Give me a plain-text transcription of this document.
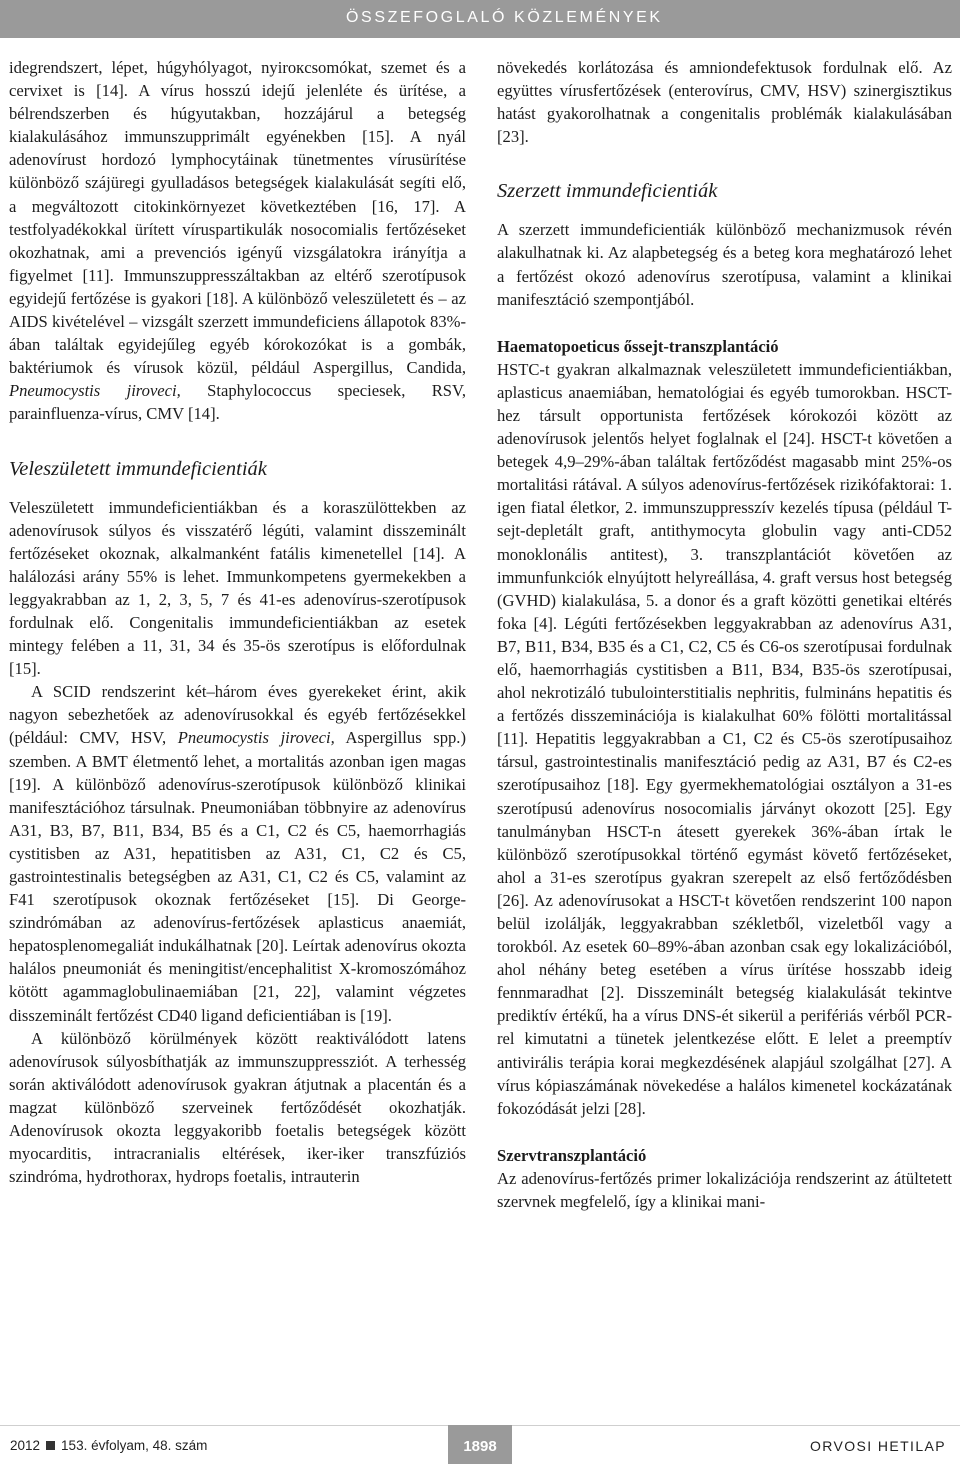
ÖSSZEFOGLALÓ KÖZLEMÉNYEK

idegrendszert, lépet, húgyhólyagot, nyiroкcsomókat, szemet és a cervixet is [14]. A vírus hosszú idejű jelenléte és ürítése, a bélrendszerben és húgyutakban, hozzájárul a betegség kialakulásához immunszupprimált egyénekben [15]. A nyál adenovírust hordozó lymphocytáinak tünetmentes vírusürítése különböző szájüregi gyulladásos betegségek kialakulását segíti elő, a megváltozott citokinkörnyezet következtében [16, 17]. A testfolyadékokkal ürített víruspartikulák nosocomialis fertőzéseket okozhatnak, ami a prevenciós igényű vizsgálatokra irányítja a figyelmet [11]. Immunszuppresszáltakban az eltérő szerotípusok egyidejű fertőzése is gyakori [18]. A különböző veleszületett és – az AIDS kivételével – vizsgált szerzett immundeficiens állapotok 83%-ában találtak egyidejűleg egyéb kórokozókat is a gombák, baktériumok és vírusok közül, például Aspergillus, Candida, Pneumocystis jiroveci, Staphylococcus speciesek, RSV, parainfluenza-vírus, CMV [14].

Veleszületett immundeficientiák

Veleszületett immundeficientiákban és a koraszülöttekben az adenovírusok súlyos és visszatérő légúti, valamint disszeminált fertőzéseket okoznak, alkalmanként fatális kimenetellel [14]. A halálozási arány 55% is lehet. Immunkompetens gyermekekben a leggyakrabban az 1, 2, 3, 5, 7 és 41-es adenovírus-szerotípusok fordulnak elő. Congenitalis immundeficientiákban az esetek mintegy felében a 11, 31, 34 és 35-ös szerotípus is előfordulnak [15].

A SCID rendszerint két–három éves gyerekeket érint, akik nagyon sebezhetőek az adenovírusokkal és egyéb fertőzésekkel (például: CMV, HSV, Pneumocystis jiroveci, Aspergillus spp.) szemben. A BMT életmentő lehet, a mortalitás azonban igen magas [19]. A különböző adenovírus-szerotípusok különböző klinikai manifesztációhoz társulnak. Pneumoniában többnyire az adenovírus A31, B3, B7, B11, B34, B5 és a C1, C2 és C5, haemorrhagiás cystitisben az A31, hepatitisben az A31, C1, C2 és C5, gastrointestinalis betegségben az A31, C1, C2 és C5, valamint az F41 szerotípusok okoznak fertőzéseket [15]. Di George-szindrómában az adenovírus-fertőzések aplasticus anaemiát, hepatosplenomegaliát indukálhatnak [20]. Leírtak adenovírus okozta halálos pneumoniát és meningitist/encephalitist X-kromoszómához kötött agammaglobulinaemiában [21, 22], valamint végzetes disszeminált fertőzést CD40 ligand deficientiában is [19].

A különböző körülmények között reaktiválódott latens adenovírusok súlyosbíthatják az immunszuppressziót. A terhesség során aktiválódott adenovírusok gyakran átjutnak a placentán és a magzat különböző szerveinek fertőződését okozhatják. Adenovírusok okozta leggyakoribb foetalis betegségek között myocarditis, intracranialis eltérések, iker-iker transzfúziós szindróma, hydrothorax, hydrops foetalis, intrauterin

növekedés korlátozása és amniondefektusok fordulnak elő. Az együttes vírusfertőzések (enterovírus, CMV, HSV) szinergisztikus hatást gyakorolhatnak a congenitalis problémák kialakulásában [23].

Szerzett immundeficientiák

A szerzett immundeficientiák különböző mechanizmusok révén alakulhatnak ki. Az alapbetegség és a beteg kora meghatározó lehet a fertőzést okozó adenovírus szerotípusa, valamint a klinikai manifesztáció szempontjából.

Haematopoeticus őssejt-transzplantáció

HSTC-t gyakran alkalmaznak veleszületett immundeficientiákban, aplasticus anaemiában, hematológiai és egyéb tumorokban. HSCT-hez társult opportunista fertőzések kórokozói között az adenovírusok jelentős helyet foglalnak el [24]. HSCT-t követően a betegek 4,9–29%-ában találtak fertőződést magasabb mint 25%-os mortalitási rátával. A súlyos adenovírus-fertőzések rizikófaktorai: 1. igen fiatal életkor, 2. immunszuppresszív kezelés típusa (például T-sejt-depletált graft, antithymocyta globulin vagy anti-CD52 monoklonális antitest), 3. transzplantációt követően az immunfunkciók elnyújtott helyreállása, 4. graft versus host betegség (GVHD) kialakulása, 5. a donor és a graft közötti genetikai eltérés foka [4]. Légúti fertőzésekben leggyakrabban az adenovírus A31, B7, B11, B34, B35 és a C1, C2, C5 és C6-os szerotípusai fordulnak elő, haemorrhagiás cystitisben a B11, B34, B35-ös szerotípusai, ahol nekrotizáló tubulointerstitialis nephritis, fulmináns hepatitis és a fertőzés disszeminációja is kialakulhat 60% fölötti mortalitással [11]. Hepatitis leggyakrabban a C1, C2 és C5-ös szerotípusaihoz társul, gastrointestinalis manifesztáció pedig az A31, B7 és C2-es szerotípusaihoz [18]. Egy gyermekhematológiai osztályon a 31-es szerotípusú adenovírus nosocomialis járványt okozott [25]. Egy tanulmányban HSCT-n átesett gyerekek 36%-ában írtak le különböző szerotípusokkal történő egymást követő fertőzéseket, ahol a 31-es szerotípus gyakran szerepelt az első fertőződésben [26]. Az adenovírusokat a HSCT-t követően rendszerint 100 napon belül izolálják, leggyakrabban székletből, vizeletből vagy a torokból. Az esetek 60–89%-ában azonban csak egy lokalizációból, ahol néhány beteg esetében a vírus ürítése hosszabb ideig fennmaradhat [2]. Disszeminált betegség kialakulását tekintve prediktív értékű, ha a vírus DNS-ét sikerül a perifériás vérből PCR-rel kimutatni a tünetek jelentkezése előtt. E lelet a preemptív antivirális terápia korai megkezdésének alapjául szolgálhat [27]. A vírus kópiaszámának növekedése a halálos kimenetel kockázatának fokozódását jelzi [28].

Szervtranszplantáció

Az adenovírus-fertőzés primer lokalizációja rendszerint az átültetett szervnek megfelelő, így a klinikai mani-

2012 153. évfolyam, 48. szám	1898	ORVOSI HETILAP
